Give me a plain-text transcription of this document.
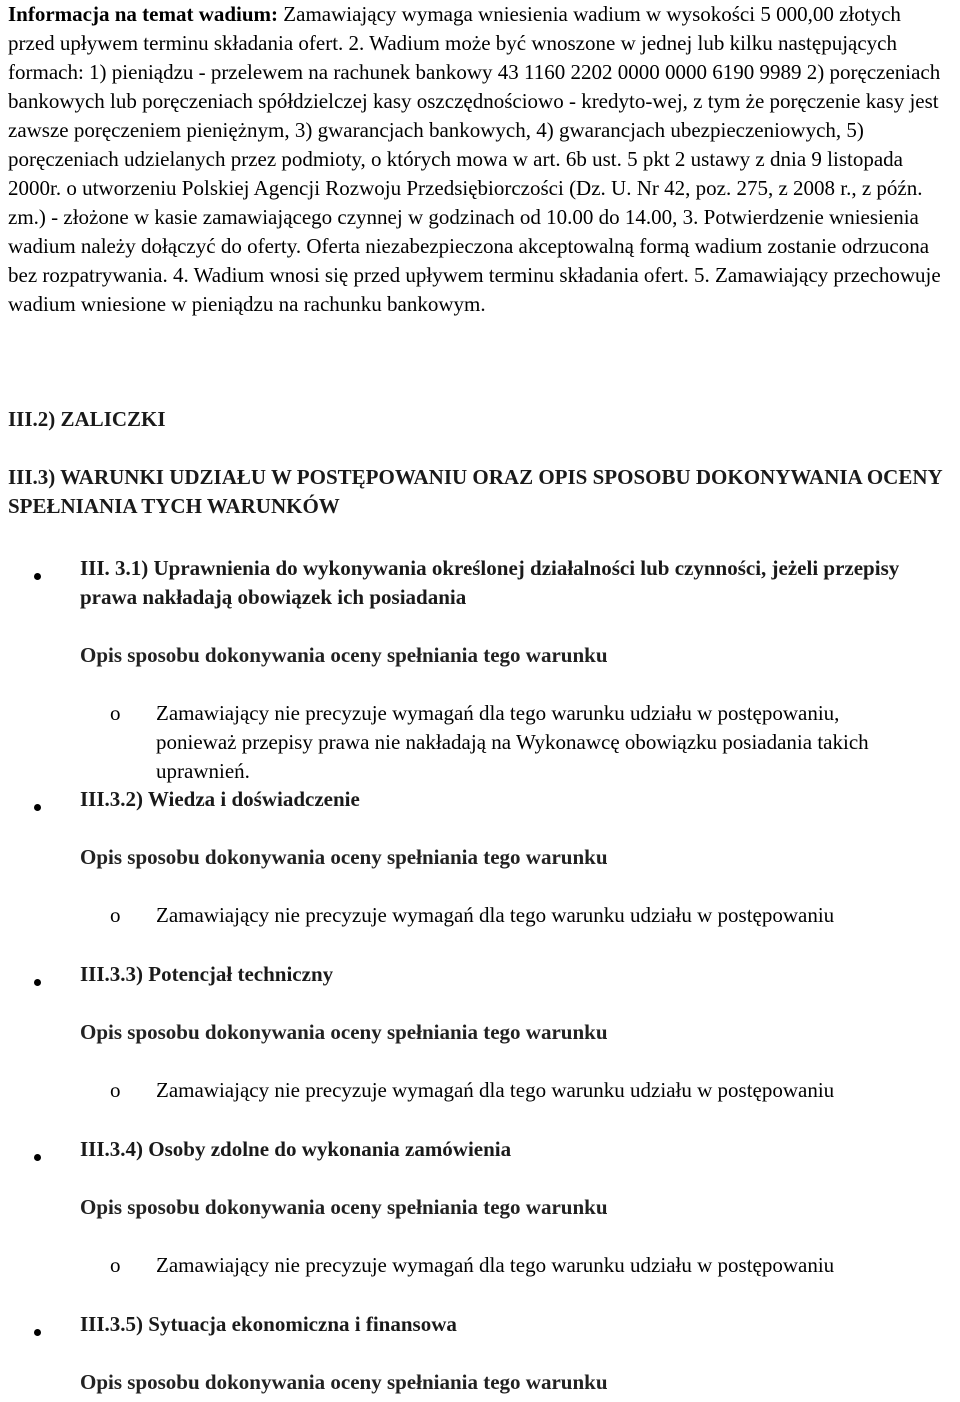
Informacja na temat wadium: Zamawiający wymaga wniesienia wadium w wysokości 5 000,00 złotych przed upływem terminu składania ofert. 2. Wadium może być wnoszone w jednej lub kilku następujących formach: 1) pieniądzu - przelewem na rachunek bankowy 43 1160 2202 0000 0000 6190 9989 2) poręczeniach bankowych lub poręczeniach spółdzielczej kasy oszczędnościowo - kredyto-wej, z tym że poręczenie kasy jest zawsze poręczeniem pieniężnym, 3) gwarancjach bankowych, 4) gwarancjach ubezpieczeniowych, 5) poręczeniach udzielanych przez podmioty, o których mowa w art. 6b ust. 5 pkt 2 ustawy z dnia 9 listopada 2000r. o utworzeniu Polskiej Agencji Rozwoju Przedsiębiorczości (Dz. U. Nr 42, poz. 275, z 2008 r., z późn. zm.) - złożone w kasie zamawiającego czynnej w godzinach od 10.00 do 14.00, 3. Potwierdzenie wniesienia wadium należy dołączyć do oferty. Oferta niezabezpieczona akceptowalną formą wadium zostanie odrzucona bez rozpatrywania. 4. Wadium wnosi się przed upływem terminu składania ofert. 5. Zamawiający przechowuje wadium wniesione w pieniądzu na rachunku bankowym.

III.2) ZALICZKI

III.3) WARUNKI UDZIAŁU W POSTĘPOWANIU ORAZ OPIS SPOSOBU DOKONYWANIA OCENY SPEŁNIANIA TYCH WARUNKÓW

III. 3.1) Uprawnienia do wykonywania określonej działalności lub czynności, jeżeli przepisy prawa nakładają obowiązek ich posiadania

Opis sposobu dokonywania oceny spełniania tego warunku

o Zamawiający nie precyzuje wymagań dla tego warunku udziału w postępowaniu, ponieważ przepisy prawa nie nakładają na Wykonawcę obowiązku posiadania takich uprawnień.

III.3.2) Wiedza i doświadczenie

Opis sposobu dokonywania oceny spełniania tego warunku

o Zamawiający nie precyzuje wymagań dla tego warunku udziału w postępowaniu

III.3.3) Potencjał techniczny

Opis sposobu dokonywania oceny spełniania tego warunku

o Zamawiający nie precyzuje wymagań dla tego warunku udziału w postępowaniu

III.3.4) Osoby zdolne do wykonania zamówienia

Opis sposobu dokonywania oceny spełniania tego warunku

o Zamawiający nie precyzuje wymagań dla tego warunku udziału w postępowaniu

III.3.5) Sytuacja ekonomiczna i finansowa

Opis sposobu dokonywania oceny spełniania tego warunku
